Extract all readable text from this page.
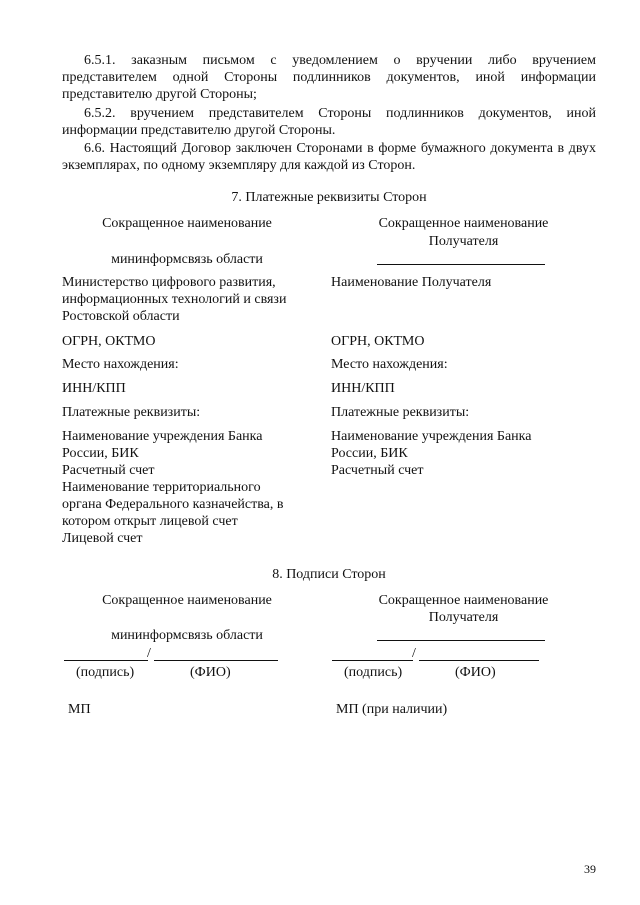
6.5.1. заказным письмом с уведомлением о вручении либо вручением представителем одной Стороны подлинников документов, иной информации представителю другой Стороны;
6.5.2. вручением представителем Стороны подлинников документов, иной информации представителю другой Стороны.
6.6. Настоящий Договор заключен Сторонами в форме бумажного документа в двух экземплярах, по одному экземпляру для каждой из Сторон.
7. Платежные реквизиты Сторон
Сокращенное наименование
мининформсвязь области
Министерство цифрового развития,
информационных технологий и связи
Ростовской области
ОГРН, ОКТМО
Место нахождения:
ИНН/КПП
Платежные реквизиты:
Наименование учреждения Банка
России, БИК
Расчетный счет
Наименование территориального
органа Федерального казначейства, в
котором открыт лицевой счет
Лицевой счет
Сокращенное наименование
Получателя
Наименование Получателя
ОГРН, ОКТМО
Место нахождения:
ИНН/КПП
Платежные реквизиты:
Наименование учреждения Банка
России, БИК
Расчетный счет
8. Подписи Сторон
Сокращенное наименование
мининформсвязь области
/
(подпись)	(ФИО)
МП
Сокращенное наименование
Получателя
/
(подпись)	(ФИО)
МП (при наличии)
39
